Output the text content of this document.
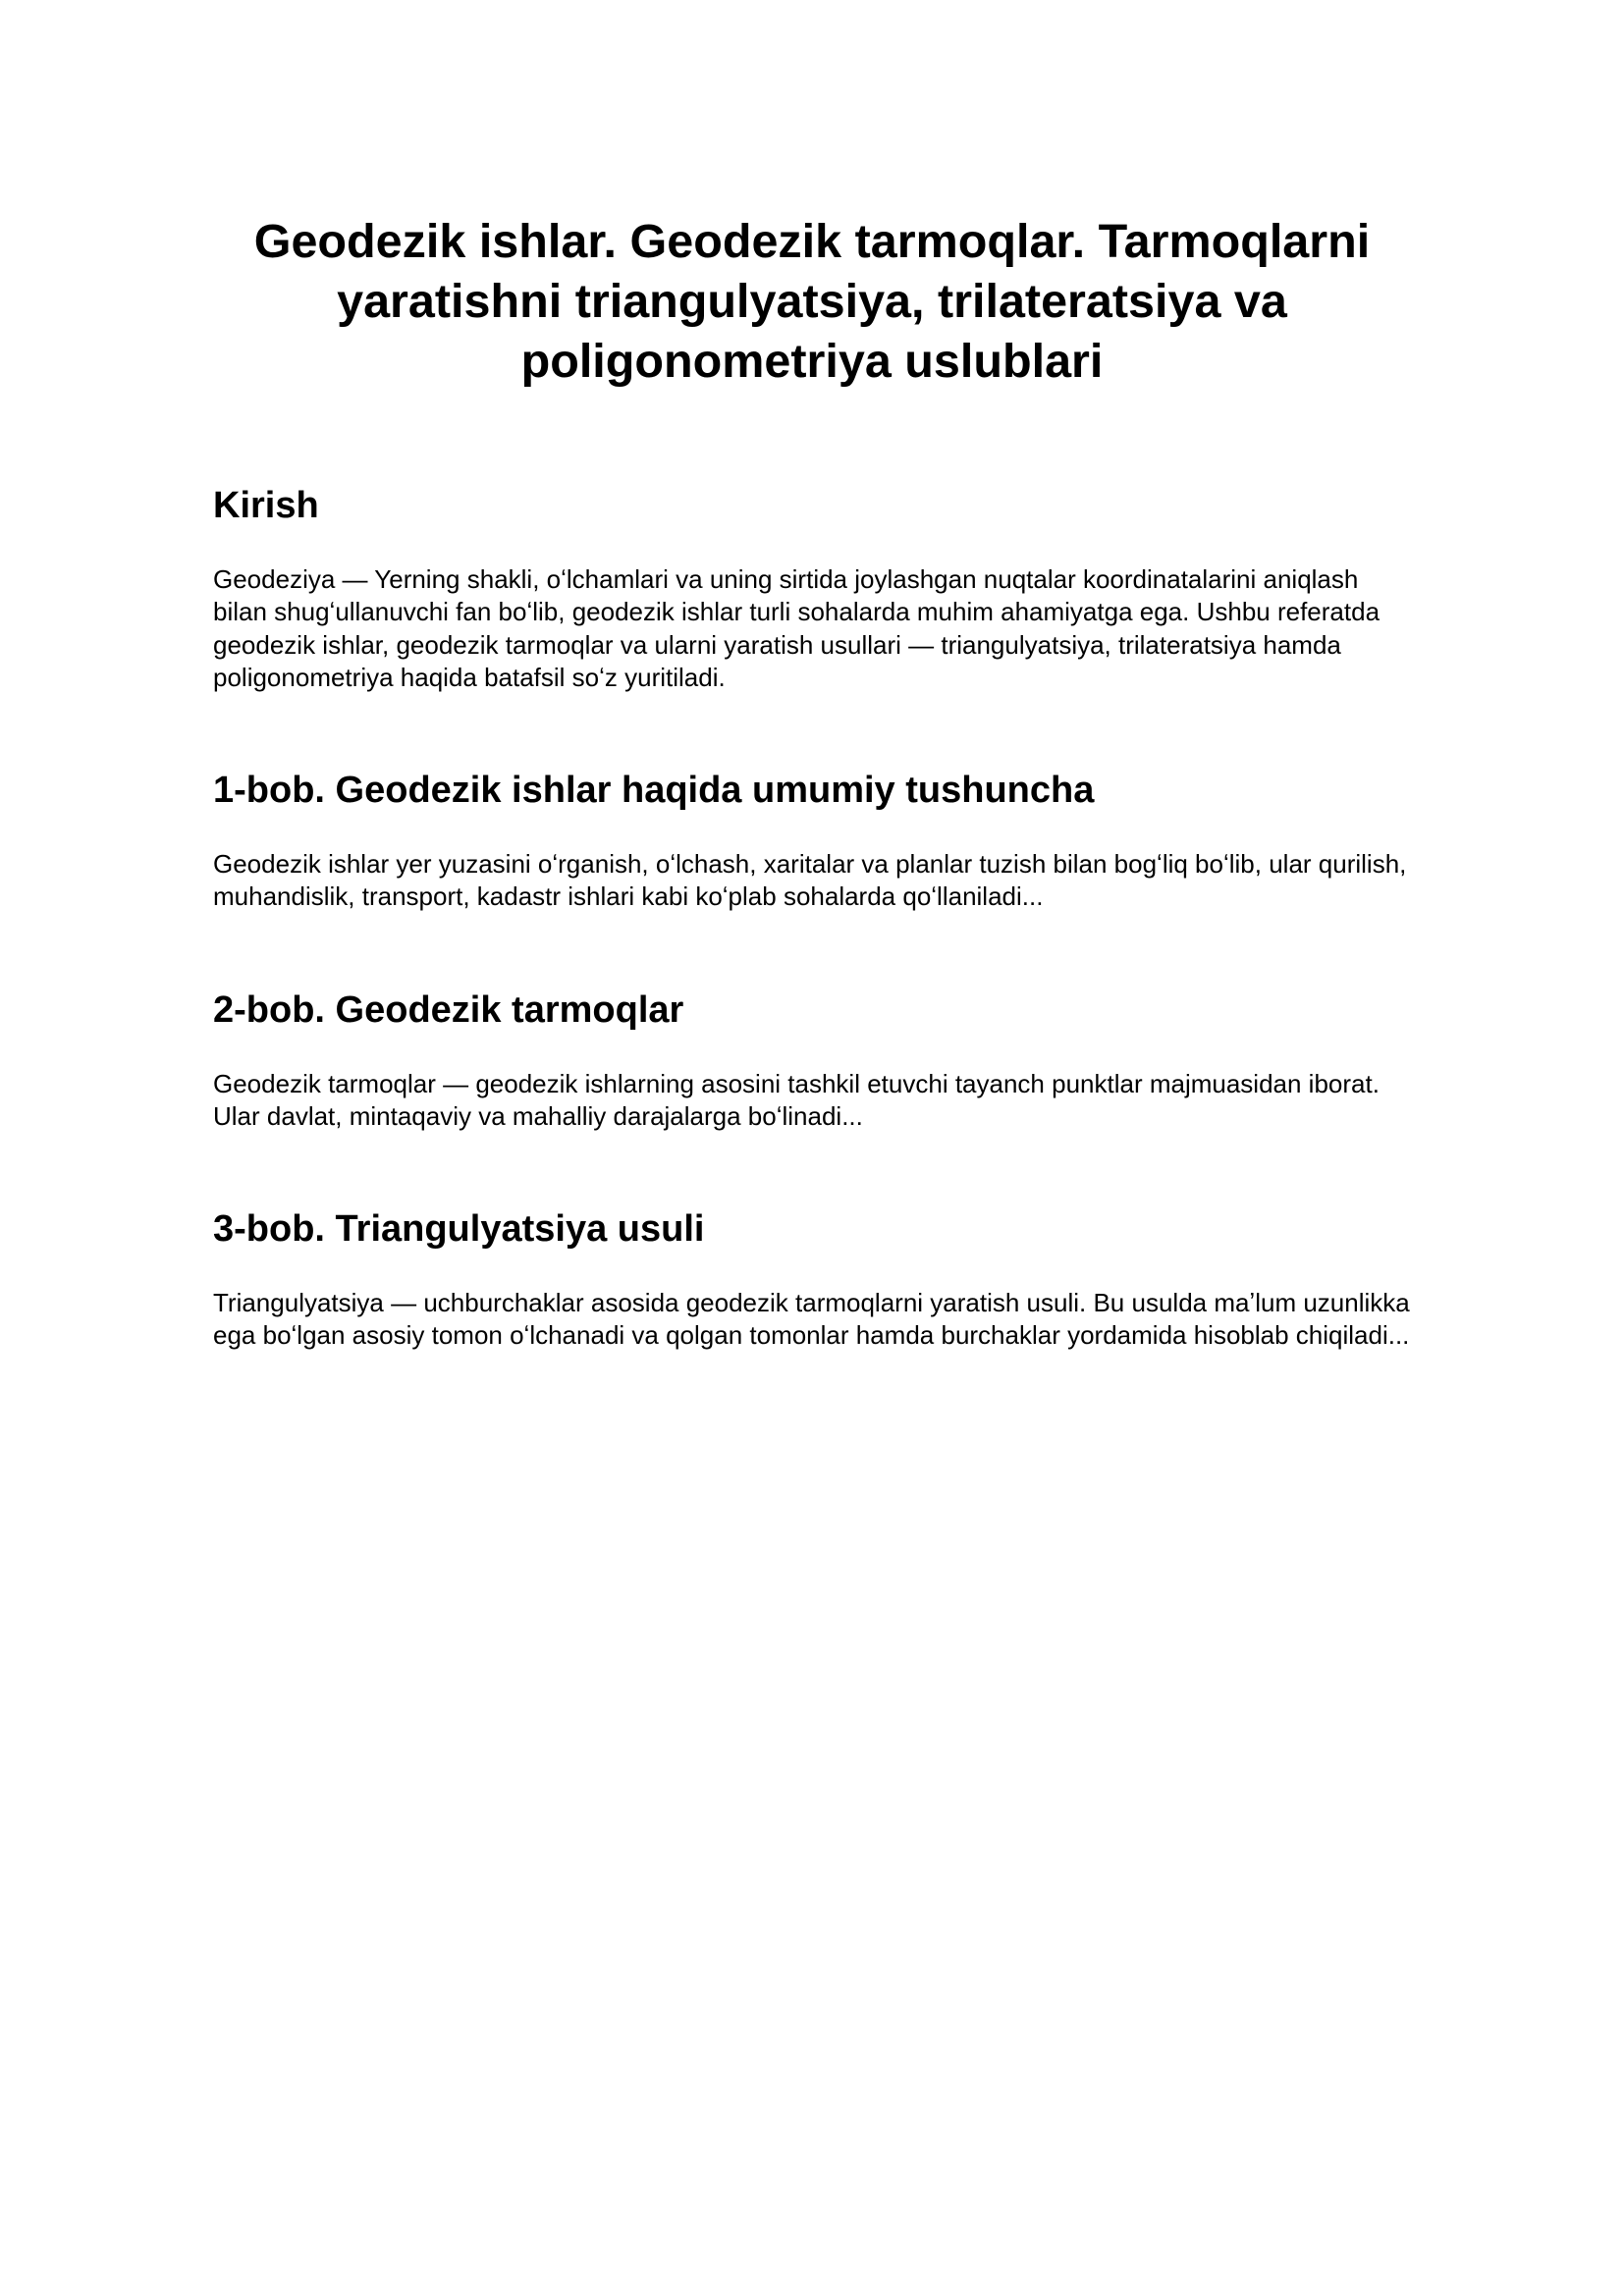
Geodezik ishlar. Geodezik tarmoqlar. Tarmoqlarni yaratishni triangulyatsiya, trilateratsiya va poligonometriya uslublari
Kirish

Geodeziya — Yerning shakli, oʻlchamlari va uning sirtida joylashgan nuqtalar koordinatalarini aniqlash bilan shugʻullanuvchi fan boʻlib, geodezik ishlar turli sohalarda muhim ahamiyatga ega. Ushbu referatda geodezik ishlar, geodezik tarmoqlar va ularni yaratish usullari — triangulyatsiya, trilateratsiya hamda poligonometriya haqida batafsil soʻz yuritiladi.

1-bob. Geodezik ishlar haqida umumiy tushuncha

Geodezik ishlar yer yuzasini oʻrganish, oʻlchash, xaritalar va planlar tuzish bilan bogʻliq boʻlib, ular qurilish, muhandislik, transport, kadastr ishlari kabi koʻplab sohalarda qoʻllaniladi...

2-bob. Geodezik tarmoqlar

Geodezik tarmoqlar — geodezik ishlarning asosini tashkil etuvchi tayanch punktlar majmuasidan iborat. Ular davlat, mintaqaviy va mahalliy darajalarga boʻlinadi...

3-bob. Triangulyatsiya usuli

Triangulyatsiya — uchburchaklar asosida geodezik tarmoqlarni yaratish usuli. Bu usulda maʼlum uzunlikka ega boʻlgan asosiy tomon oʻlchanadi va qolgan tomonlar hamda burchaklar yordamida hisoblab chiqiladi...
